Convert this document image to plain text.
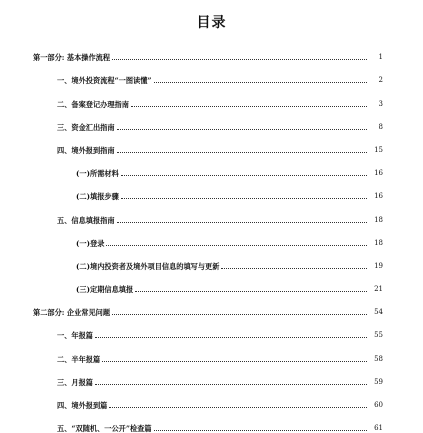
目录
第一部分: 基本操作流程	1
一、境外投资流程“一图读懂”	2
二、备案登记办理指南	3
三、资金汇出指南	8
四、境外报到指南	15
(一)所需材料	16
(二)填报步骤	16
五、信息填报指南	18
(一)登录	18
(二)境内投资者及境外项目信息的填写与更新	19
(三)定期信息填报	21
第二部分: 企业常见问题	54
一、年报篇	55
二、半年报篇	58
三、月报篇	59
四、境外报到篇	60
五、“双随机、一公开”检查篇	61
